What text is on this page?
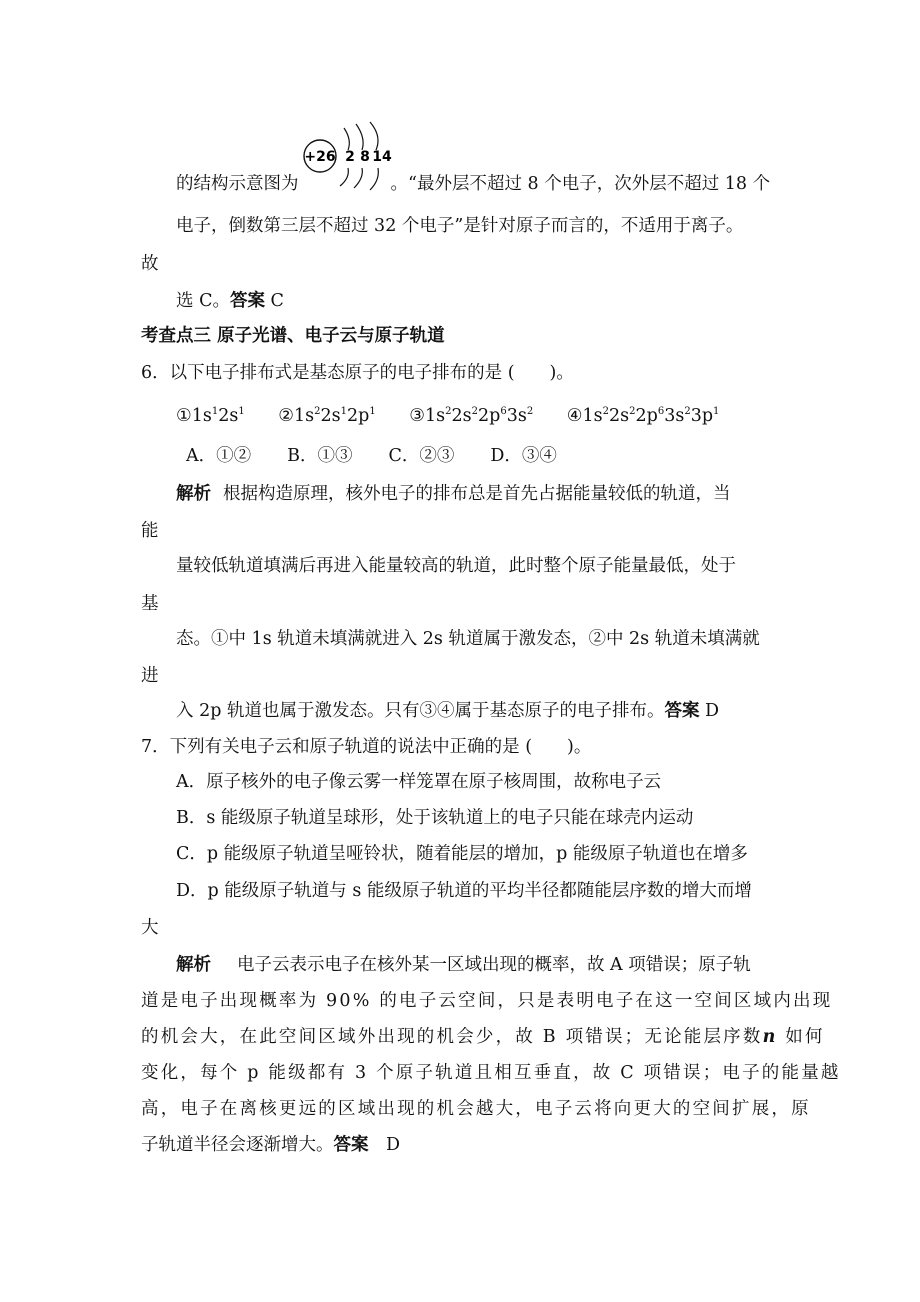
+26 2 8 14
的结构示意图为	。“最外层不超过 8 个电子，次外层不超过 18 个
电子，倒数第三层不超过 32 个电子”是针对原子而言的，不适用于离子。
故
选 C。答案 C
考查点三 原子光谱、电子云与原子轨道
6．以下电子排布式是基态原子的电子排布的是 (　　)。
$①1s^12s^1$ $②1s^22s^12p^1$ $③1s^22s^22p^63s^2$ $④1s^22s^22p^63s^23p^1$
A．①② B．①③ C．②③ D．③④
解析 根据构造原理，核外电子的排布总是首先占据能量较低的轨道，当
能
量较低轨道填满后再进入能量较高的轨道，此时整个原子能量最低，处于
基
态。①中 1s 轨道未填满就进入 2s 轨道属于激发态，②中 2s 轨道未填满就
进
入 2p 轨道也属于激发态。只有③④属于基态原子的电子排布。答案 D
7．下列有关电子云和原子轨道的说法中正确的是 (　　)。
A．原子核外的电子像云雾一样笼罩在原子核周围，故称电子云
B．s 能级原子轨道呈球形，处于该轨道上的电子只能在球壳内运动
C．p 能级原子轨道呈哑铃状，随着能层的增加，p 能级原子轨道也在增多
D．p 能级原子轨道与 s 能级原子轨道的平均半径都随能层序数的增大而增
大
解析 电子云表示电子在核外某一区域出现的概率，故 A 项错误；原子轨
道是电子出现概率为 90% 的电子云空间，只是表明电子在这一空间区域内出现
的机会大，在此空间区域外出现的机会少，故 B 项错误；无论能层序数n 如何
变化，每个 p 能级都有 3 个原子轨道且相互垂直，故 C 项错误；电子的能量越
高，电子在离核更远的区域出现的机会越大，电子云将向更大的空间扩展，原
子轨道半径会逐渐增大。答案　D
